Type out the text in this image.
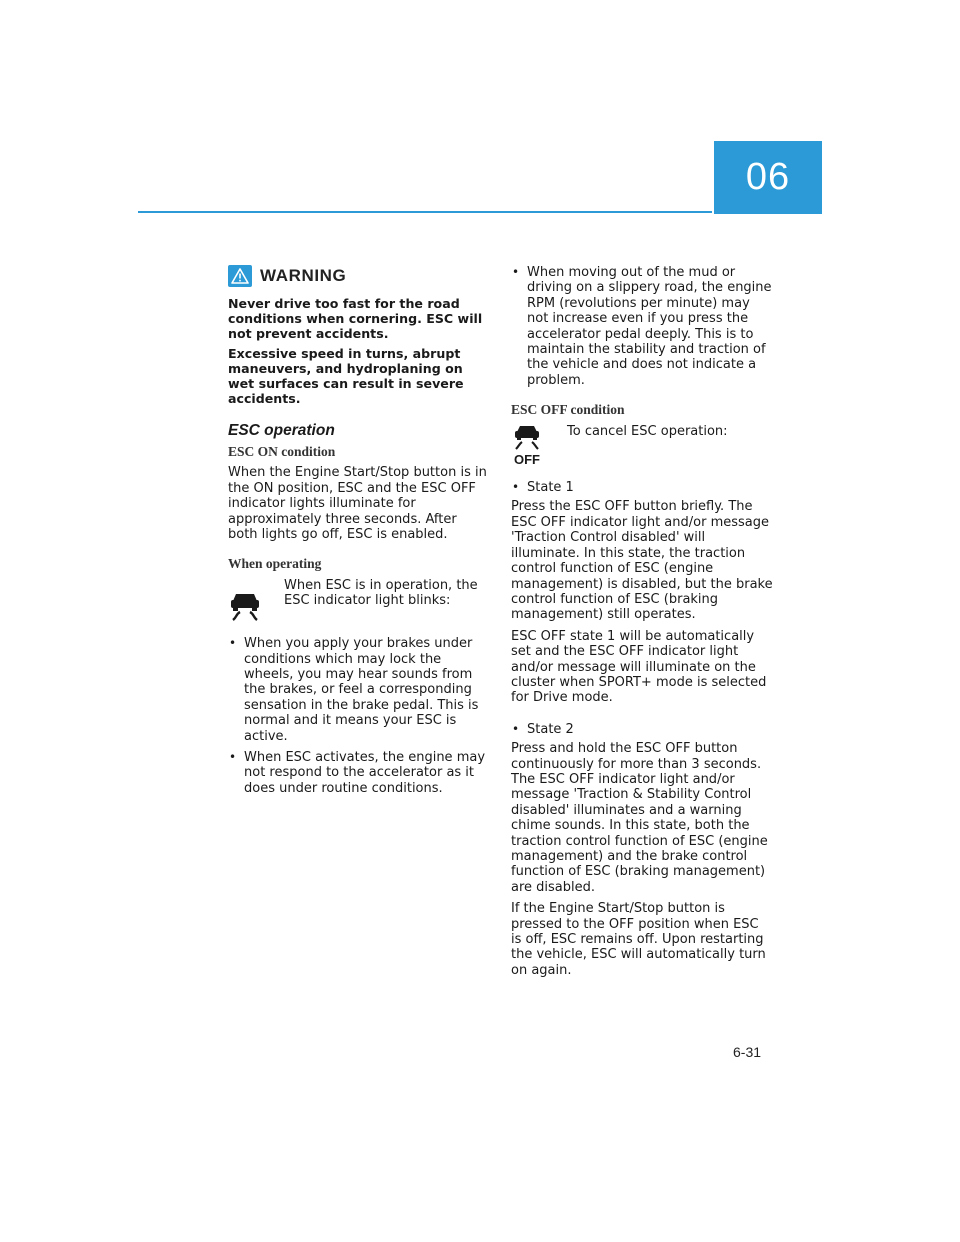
06
WARNING

Never drive too fast for the road conditions when cornering. ESC will not prevent accidents.

Excessive speed in turns, abrupt maneuvers, and hydroplaning on wet surfaces can result in severe accidents.

ESC operation
ESC ON condition

When the Engine Start/Stop button is in the ON position, ESC and the ESC OFF indicator lights illuminate for approximately three seconds. After both lights go off, ESC is enabled.

When operating
When ESC is in operation, the ESC indicator light blinks:
• When you apply your brakes under conditions which may lock the wheels, you may hear sounds from the brakes, or feel a corresponding sensation in the brake pedal. This is normal and it means your ESC is active.
• When ESC activates, the engine may not respond to the accelerator as it does under routine conditions.
• When moving out of the mud or driving on a slippery road, the engine RPM (revolutions per minute) may not increase even if you press the accelerator pedal deeply. This is to maintain the stability and traction of the vehicle and does not indicate a problem.
ESC OFF condition
OFF
To cancel ESC operation:
• State 1

Press the ESC OFF button briefly. The ESC OFF indicator light and/or message 'Traction Control disabled' will illuminate. In this state, the traction control function of ESC (engine management) is disabled, but the brake control function of ESC (braking management) still operates.

ESC OFF state 1 will be automatically set and the ESC OFF indicator light and/or message will illuminate on the cluster when SPORT+ mode is selected for Drive mode.

• State 2

Press and hold the ESC OFF button continuously for more than 3 seconds. The ESC OFF indicator light and/or message 'Traction & Stability Control disabled' illuminates and a warning chime sounds. In this state, both the traction control function of ESC (engine management) and the brake control function of ESC (braking management) are disabled.

If the Engine Start/Stop button is pressed to the OFF position when ESC is off, ESC remains off. Upon restarting the vehicle, ESC will automatically turn on again.

6-31
